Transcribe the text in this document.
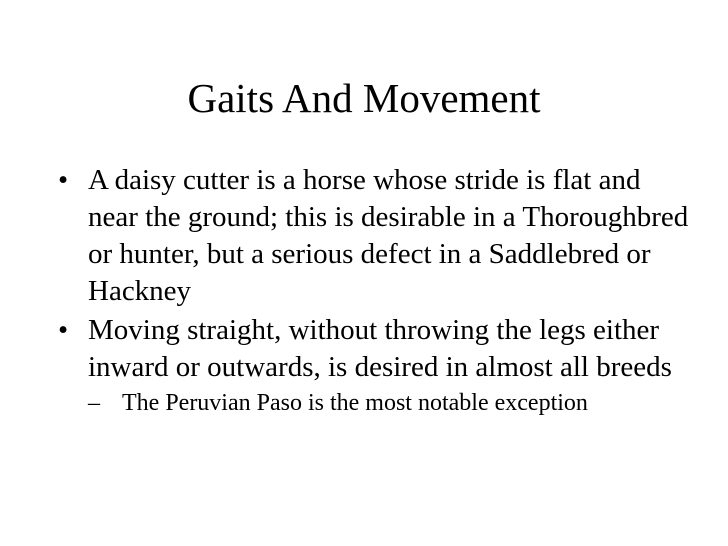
Gaits And Movement
• A daisy cutter is a horse whose stride is flat and near the ground; this is desirable in a Thoroughbred or hunter, but a serious defect in a Saddlebred or Hackney
• Moving straight, without throwing the legs either inward or outwards, is desired in almost all breeds
– The Peruvian Paso is the most notable exception
